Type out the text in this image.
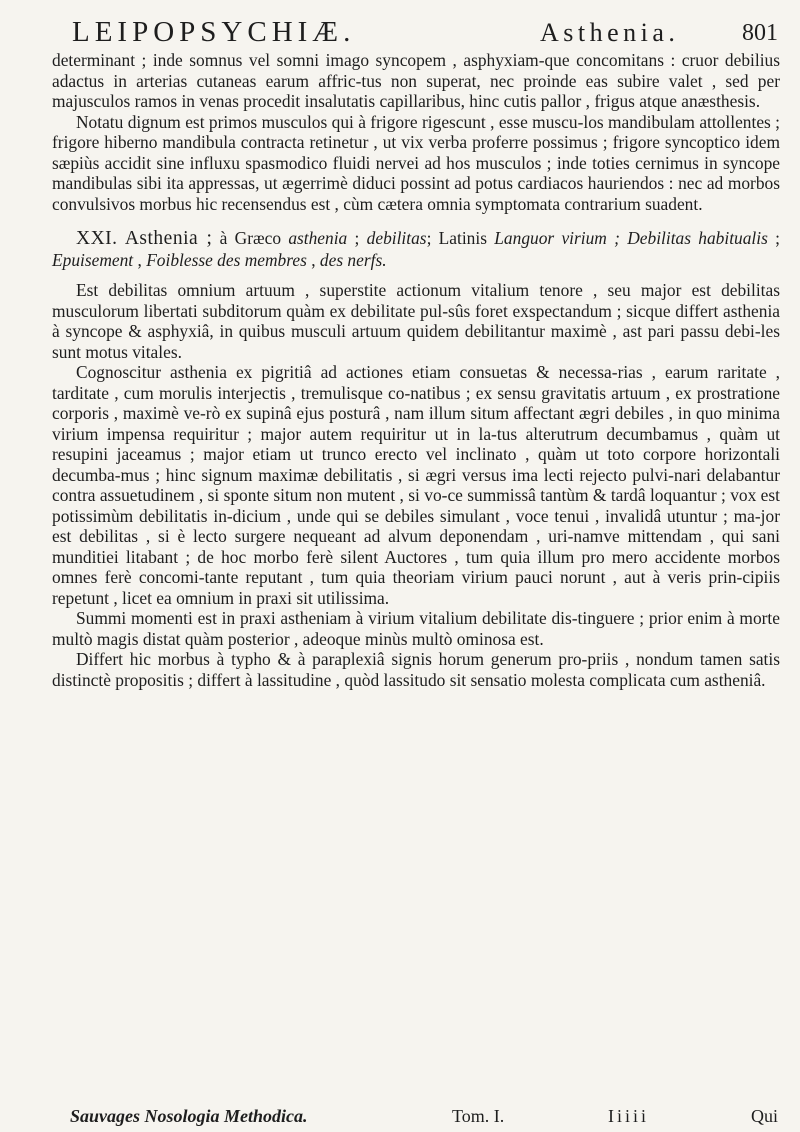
LEIPOPSYCHIÆ.	Asthenia.	801

determinant ; inde somnus vel somni imago syncopem , asphyxiam-que concomitans : cruor debilius adactus in arterias cutaneas earum affric-tus non superat, nec proinde eas subire valet , sed per majusculos ramos in venas procedit insalutatis capillaribus, hinc cutis pallor , frigus atque anæsthesis.

Notatu dignum est primos musculos qui à frigore rigescunt , esse muscu-los mandibulam attollentes ; frigore hiberno mandibula contracta retinetur , ut vix verba proferre possimus ; frigore syncoptico idem sæpiùs accidit sine influxu spasmodico fluidi nervei ad hos musculos ; inde toties cernimus in syncope mandibulas sibi ita appressas, ut ægerrimè diduci possint ad potus cardiacos hauriendos : nec ad morbos convulsivos morbus hic recensendus est , cùm cætera omnia symptomata contrarium suadent.

XXI. Asthenia ; à Græco asthenia ; debilitas; Latinis Languor virium ; Debilitas habitualis ; Epuisement , Foiblesse des membres , des nerfs.

Est debilitas omnium artuum , superstite actionum vitalium tenore , seu major est debilitas musculorum libertati subditorum quàm ex debilitate pul-sûs foret exspectandum ; sicque differt asthenia à syncope & asphyxiâ, in quibus musculi artuum quidem debilitantur maximè , ast pari passu debi-les sunt motus vitales.

Cognoscitur asthenia ex pigritiâ ad actiones etiam consuetas & necessa-rias , earum raritate , tarditate , cum morulis interjectis , tremulisque co-natibus ; ex sensu gravitatis artuum , ex prostratione corporis , maximè ve-rò ex supinâ ejus posturâ , nam illum situm affectant ægri debiles , in quo minima virium impensa requiritur ; major autem requiritur ut in la-tus alterutrum decumbamus , quàm ut resupini jaceamus ; major etiam ut trunco erecto vel inclinato , quàm ut toto corpore horizontali decumba-mus ; hinc signum maximæ debilitatis , si ægri versus ima lecti rejecto pulvi-nari delabantur contra assuetudinem , si sponte situm non mutent , si vo-ce summissâ tantùm & tardâ loquantur ; vox est potissimùm debilitatis in-dicium , unde qui se debiles simulant , voce tenui , invalidâ utuntur ; ma-jor est debilitas , si è lecto surgere nequeant ad alvum deponendam , uri-namve mittendam , qui sani munditiei litabant ; de hoc morbo ferè silent Auctores , tum quia illum pro mero accidente morbos omnes ferè concomi-tante reputant , tum quia theoriam virium pauci norunt , aut à veris prin-cipiis repetunt , licet ea omnium in praxi sit utilissima.

Summi momenti est in praxi astheniam à virium vitalium debilitate dis-tinguere ; prior enim à morte multò magis distat quàm posterior , adeoque minùs multò ominosa est.

Differt hic morbus à typho & à paraplexiâ signis horum generum pro-priis , nondum tamen satis distinctè propositis ; differt à lassitudine , quòd lassitudo sit sensatio molesta complicata cum astheniâ.

Sauvages Nosologia Methodica.	Tom. I.	Iiiii	Qui
